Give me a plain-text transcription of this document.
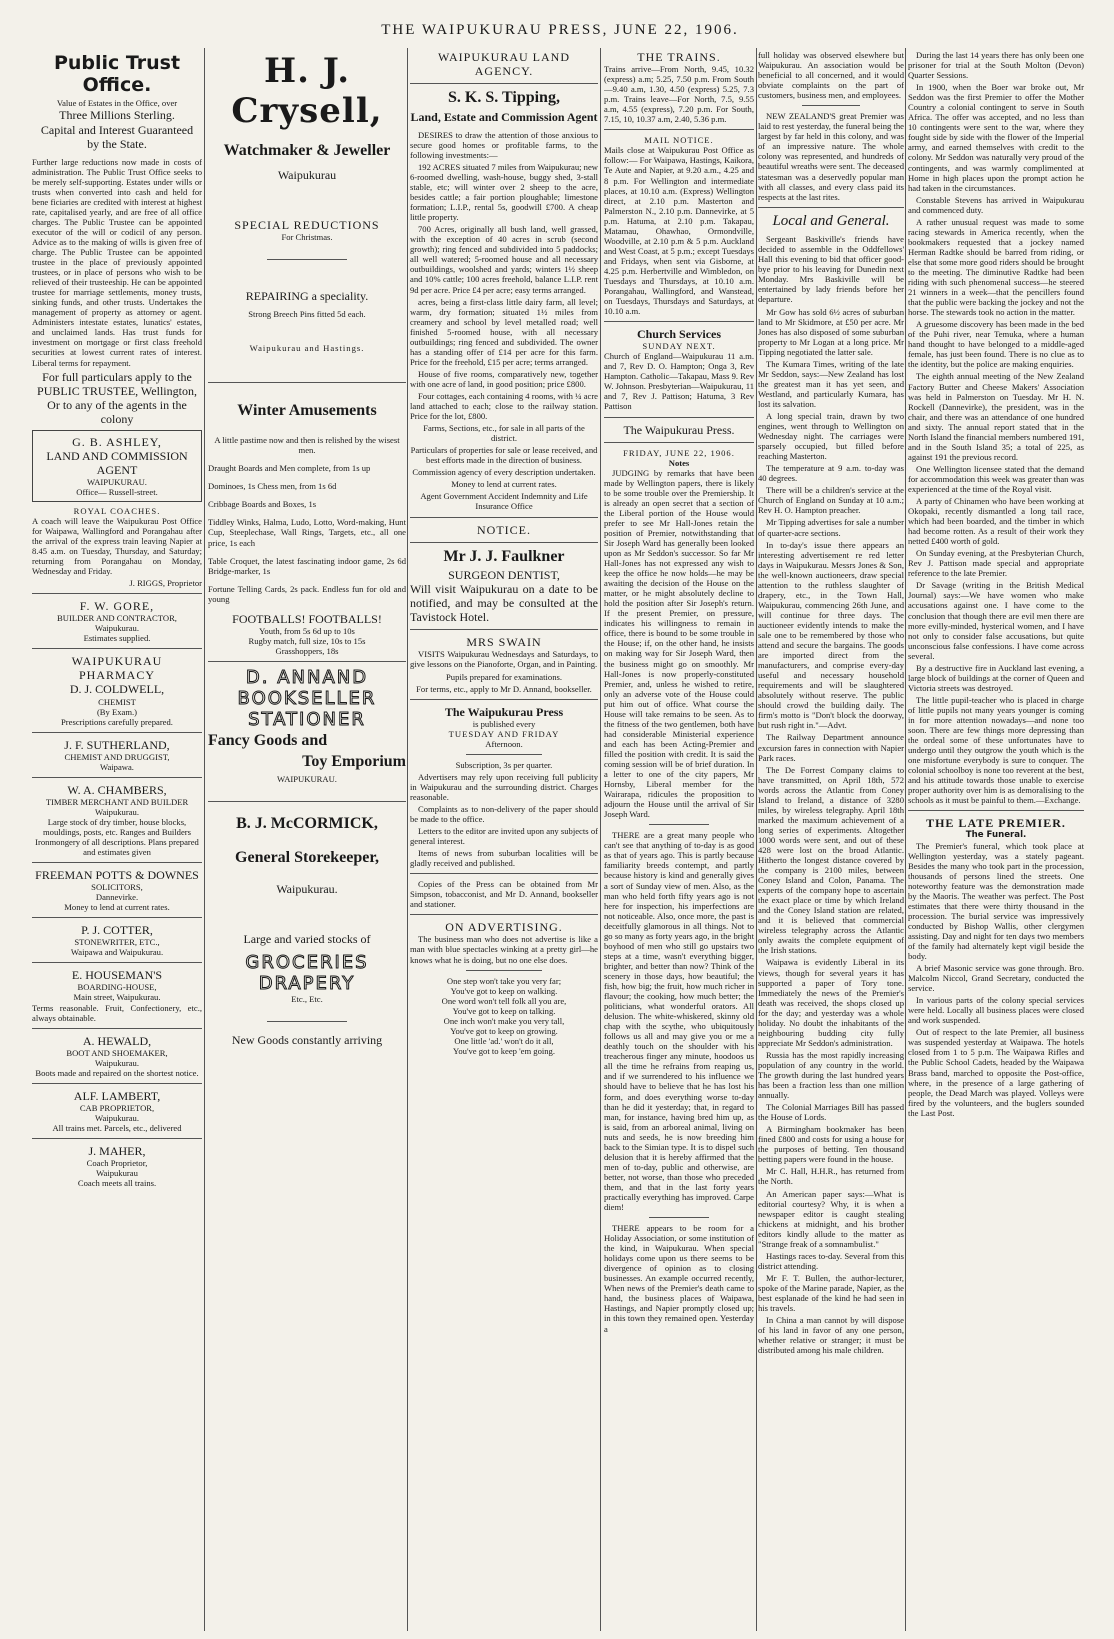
THE WAIPUKURAU PRESS, JUNE 22, 1906.
Public Trust Office.
Value of Estates in the Office, over
Three Millions Sterling.
Capital and Interest Guaranteed
by the State.

Further large reductions now made in costs of administration. The Public Trust Office seeks to be merely self-supporting. Estates under wills or trusts when converted into cash and held for bene ficiaries are credited with interest at highest rate, capitalised yearly, and are free of all office charges. The Public Trustee can be appointed executor of the will or codicil of any person. Advice as to the making of wills is given free of charge. The Public Trustee can be appointed trustee in the place of previously appointed trustees, or in place of persons who wish to be relieved of their trusteeship. He can be appointed trustee for marriage settlements, money trusts, sinking funds, and other trusts. Undertakes the management of property as attorney or agent. Administers intestate estates, lunatics' estates, and unclaimed lands. Has trust funds for investment on mortgage or first class freehold securities at lowest current rates of interest. Liberal terms for repayment.

For full particulars apply to the PUBLIC TRUSTEE, Wellington, Or to any of the agents in the colony

G. B. ASHLEY,
LAND AND COMMISSION AGENT
WAIPUKURAU.
Office— Russell-street.
ROYAL COACHES.

A coach will leave the Waipukurau Post Office for Waipawa, Wallingford and Porangahau after the arrival of the express train leaving Napier at 8.45 a.m. on Tuesday, Thursday, and Saturday; returning from Porangahau on Monday, Wednesday and Friday.

J. RIGGS, Proprietor
F. W. GORE,
BUILDER AND CONTRACTOR,
Waipukurau.
Estimates supplied.
WAIPUKURAU PHARMACY
D. J. COLDWELL,
CHEMIST
(By Exam.)
Prescriptions carefully prepared.
J. F. SUTHERLAND,
CHEMIST AND DRUGGIST,
Waipawa.
W. A. CHAMBERS,
TIMBER MERCHANT AND BUILDER
Waipukurau.

Large stock of dry timber, house blocks, mouldings, posts, etc. Ranges and Builders Ironmongery of all descriptions. Plans prepared and estimates given

FREEMAN POTTS & DOWNES
SOLICITORS,
Dannevirke.
Money to lend at current rates.
P. J. COTTER,
STONEWRITER, ETC.,
Waipawa and Waipukurau.
E. HOUSEMAN'S
BOARDING-HOUSE,
Main street, Waipukurau.

Terms reasonable. Fruit, Confectionery, etc., always obtainable.

A. HEWALD,
BOOT AND SHOEMAKER,
Waipukurau.

Boots made and repaired on the shortest notice.

ALF. LAMBERT,
CAB PROPRIETOR,
Waipukurau.
All trains met. Parcels, etc., delivered
J. MAHER,
Coach Proprietor,
Waipukurau
Coach meets all trains.
H. J. Crysell,
Watchmaker & Jeweller
Waipukurau
SPECIAL REDUCTIONS
For Christmas.
REPAIRING a speciality.
Strong Breech Pins fitted 5d each.
Waipukurau and Hastings.
Winter Amusements

A little pastime now and then is relished by the wisest men.

Draught Boards and Men complete, from 1s up

Dominoes, 1s Chess men, from 1s 6d

Cribbage Boards and Boxes, 1s

Tiddley Winks, Halma, Ludo, Lotto, Word-making, Hunt Cup, Steeplechase, Wall Rings, Targets, etc., all one price, 1s each

Table Croquet, the latest fascinating indoor game, 2s 6d Bridge-marker, 1s

Fortune Telling Cards, 2s pack. Endless fun for old and young

FOOTBALLS! FOOTBALLS!
Youth, from 5s 6d up to 10s
Rugby match, full size, 10s to 15s
Grasshoppers, 18s
D. ANNAND
BOOKSELLER
STATIONER
Fancy Goods and
Toy Emporium
WAIPUKURAU.
B. J. McCORMICK,
General Storekeeper,
Waipukurau.
Large and varied stocks of
GROCERIES
DRAPERY
Etc., Etc.
New Goods constantly arriving
WAIPUKURAU LAND AGENCY.
S. K. S. Tipping,
Land, Estate and Commission Agent

DESIRES to draw the attention of those anxious to secure good homes or profitable farms, to the following investments:—

192 ACRES situated 7 miles from Waipukurau; new 6-roomed dwelling, wash-house, buggy shed, 3-stall stable, etc; will winter over 2 sheep to the acre, besides cattle; a fair portion ploughable; limestone formation; L.I.P., rental 5s, goodwill £700. A cheap little property.

700 Acres, originally all bush land, well grassed, with the exception of 40 acres in scrub (second growth); ring fenced and subdivided into 5 paddocks; all well watered; 5-roomed house and all necessary outbuildings, woolshed and yards; winters 1½ sheep and 10% cattle; 100 acres freehold, balance L.I.P. rent 9d per acre. Price £4 per acre; easy terms arranged.

acres, being a first-class little dairy farm, all level; warm, dry formation; situated 1½ miles from creamery and school by level metalled road; well finished 5-roomed house, with all necessary outbuildings; ring fenced and subdivided. The owner has a standing offer of £14 per acre for this farm. Price for the freehold, £15 per acre; terms arranged.

House of five rooms, comparatively new, together with one acre of land, in good position; price £800.

Four cottages, each containing 4 rooms, with ¼ acre land attached to each; close to the railway station. Price for the lot, £800.

Farms, Sections, etc., for sale in all parts of the district.

Particulars of properties for sale or lease received, and best efforts made in the direction of business.

Commission agency of every description undertaken.

Money to lend at current rates.

Agent Government Accident Indemnity and Life Insurance Office

NOTICE.
Mr J. J. Faulkner
SURGEON DENTIST,

Will visit Waipukurau on a date to be notified, and may be consulted at the Tavistock Hotel.

MRS SWAIN

VISITS Waipukurau Wednesdays and Saturdays, to give lessons on the Pianoforte, Organ, and in Painting.

Pupils prepared for examinations.

For terms, etc., apply to Mr D. Annand, bookseller.

The Waipukurau Press
is published every
TUESDAY AND FRIDAY
Afternoon.

Subscription, 3s per quarter.

Advertisers may rely upon receiving full publicity in Waipukurau and the surrounding district. Charges reasonable.

Complaints as to non-delivery of the paper should be made to the office.

Letters to the editor are invited upon any subjects of general interest.

Items of news from suburban localities will be gladly received and published.

Copies of the Press can be obtained from Mr Simpson, tobacconist, and Mr D. Annand, bookseller and stationer.

ON ADVERTISING.

The business man who does not advertise is like a man with blue spectacles winking at a pretty girl—he knows what he is doing, but no one else does.

One step won't take you very far;
You've got to keep on walking.
One word won't tell folk all you are,
You've got to keep on talking.
One inch won't make you very tall,
You've got to keep on growing.
One little 'ad.' won't do it all,
You've got to keep 'em going.
THE TRAINS.

Trains arrive—From North, 9.45, 10.32 (express) a.m; 5.25, 7.50 p.m. From South—9.40 a.m, 1.30, 4.50 (express) 5.25, 7.3 p.m. Trains leave—For North, 7.5, 9.55 a.m, 4.55 (express), 7.20 p.m. For South, 7.15, 10, 10.37 a.m, 2.40, 5.36 p.m.

MAIL NOTICE.

Mails close at Waipukurau Post Office as follow:— For Waipawa, Hastings, Kaikora, Te Aute and Napier, at 9.20 a.m., 4.25 and 8 p.m. For Wellington and intermediate places, at 10.10 a.m. (Express) Wellington direct, at 2.10 p.m. Masterton and Palmerston N., 2.10 p.m. Dannevirke, at 5 p.m. Hatuma, at 2.10 p.m. Takapau, Matamau, Ohawhao, Ormondville, Woodville, at 2.10 p.m & 5 p.m. Auckland and West Coast, at 5 p.m.; except Tuesdays and Fridays, when sent via Gisborne, at 4.25 p.m. Herbertville and Wimbledon, on Tuesdays and Thursdays, at 10.10 a.m. Porangahau, Wallingford, and Wanstead, on Tuesdays, Thursdays and Saturdays, at 10.10 a.m.

Church Services
SUNDAY NEXT.

Church of England—Waipukurau 11 a.m. and 7, Rev D. O. Hampton; Onga 3, Rev Hampton. Catholic—Takapau, Mass 9. Rev W. Johnson. Presbyterian—Waipukurau, 11 and 7, Rev J. Pattison; Hatuma, 3 Rev Pattison

The Waipukurau Press.
FRIDAY, JUNE 22, 1906.
Notes

JUDGING by remarks that have been made by Wellington papers, there is likely to be some trouble over the Premiership. It is already an open secret that a section of the Liberal portion of the House would prefer to see Mr Hall-Jones retain the position of Premier, notwithstanding that Sir Joseph Ward has generally been looked upon as Mr Seddon's successor. So far Mr Hall-Jones has not expressed any wish to keep the office he now holds—he may be awaiting the decision of the House on the matter, or he might absolutely decline to hold the position after Sir Joseph's return. If the present Premier, on pressure, indicates his willingness to remain in office, there is bound to be some trouble in the House; if, on the other hand, he insists on making way for Sir Joseph Ward, then the business might go on smoothly. Mr Hall-Jones is now properly-constituted Premier, and, unless he wished to retire, only an adverse vote of the House could put him out of office. What course the House will take remains to be seen. As to the fitness of the two gentlemen, both have had considerable Ministerial experience and each has been Acting-Premier and filled the position with credit. It is said the coming session will be of brief duration. In a letter to one of the city papers, Mr Hornsby, Liberal member for the Wairarapa, ridicules the proposition to adjourn the House until the arrival of Sir Joseph Ward.

THERE are a great many people who can't see that anything of to-day is as good as that of years ago. This is partly because familiarity breeds contempt, and partly because history is kind and generally gives a sort of Sunday view of men. Also, as the man who held forth fifty years ago is not here for inspection, his imperfections are not noticeable. Also, once more, the past is deceitfully glamorous in all things. Not to go so many as forty years ago, in the bright boyhood of men who still go upstairs two steps at a time, wasn't everything bigger, brighter, and better than now? Think of the scenery in those days, how beautiful; the fish, how big; the fruit, how much richer in flavour; the cooking, how much better; the politicians, what wonderful orators. All delusion. The white-whiskered, skinny old chap with the scythe, who ubiquitously follows us all and may give you or me a deathly touch on the shoulder with his treacherous finger any minute, hoodoos us all the time he refrains from reaping us, and if we surrendered to his influence we should have to believe that he has lost his form, and does everything worse to-day than he did it yesterday; that, in regard to man, for instance, having bred him up, as is said, from an arboreal animal, living on nuts and seeds, he is now breeding him back to the Simian type. It is to dispel such delusion that it is hereby affirmed that the men of to-day, public and otherwise, are better, not worse, than those who preceded them, and that in the last forty years practically everything has improved. Carpe diem!

THERE appears to be room for a Holiday Association, or some institution of the kind, in Waipukurau. When special holidays come upon us there seems to be divergence of opinion as to closing businesses. An example occurred recently, When news of the Premier's death came to hand, the business places of Waipawa, Hastings, and Napier promptly closed up; in this town they remained open. Yesterday a

full holiday was observed elsewhere but Waipukurau. An association would be beneficial to all concerned, and it would obviate complaints on the part of customers, business men, and employees.

NEW ZEALAND'S great Premier was laid to rest yesterday, the funeral being the largest by far held in this colony, and was of an impressive nature. The whole colony was represented, and hundreds of beautiful wreaths were sent. The deceased statesman was a deservedly popular man with all classes, and every class paid its respects at the last rites.

Local and General.

Sergeant Baskiville's friends have decided to assemble in the Oddfellows' Hall this evening to bid that officer good-bye prior to his leaving for Dunedin next Monday. Mrs Baskiville will be entertained by lady friends before her departure.

Mr Gow has sold 6½ acres of suburban land to Mr Skidmore, at £50 per acre. Mr Jones has also disposed of some suburban property to Mr Logan at a long price. Mr Tipping negotiated the latter sale.

The Kumara Times, writing of the late Mr Seddon, says:—New Zealand has lost the greatest man it has yet seen, and Westland, and particularly Kumara, has lost its salvation.

A long special train, drawn by two engines, went through to Wellington on Wednesday night. The carriages were sparsely occupied, but filled before reaching Masterton.

The temperature at 9 a.m. to-day was 40 degrees.

There will be a children's service at the Church of England on Sunday at 10 a.m.; Rev H. O. Hampton preacher.

Mr Tipping advertises for sale a number of quarter-acre sections.

In to-day's issue there appears an interesting advertisement re red letter days in Waipukurau. Messrs Jones & Son, the well-known auctioneers, draw special attention to the ruthless slaughter of drapery, etc., in the Town Hall, Waipukurau, commencing 26th June, and will continue for three days. The auctioneer evidently intends to make the sale one to be remembered by those who attend and secure the bargains. The goods are imported direct from the manufacturers, and comprise every-day useful and necessary household requirements and will be slaughtered absolutely without reserve. The public should crowd the building daily. The firm's motto is "Don't block the doorway, but rush right in."—Advt.

The Railway Department announce excursion fares in connection with Napier Park races.

The De Forrest Company claims to have transmitted, on April 18th, 572 words across the Atlantic from Coney Island to Ireland, a distance of 3280 miles, by wireless telegraphy. April 18th marked the maximum achievement of a long series of experiments. Altogether 1000 words were sent, and out of these 428 were lost on the broad Atlantic. Hitherto the longest distance covered by the company is 2100 miles, between Coney Island and Colon, Panama. The experts of the company hope to ascertain the exact place or time by which Ireland and the Coney Island station are related, and it is believed that commercial wireless telegraphy across the Atlantic only awaits the complete equipment of the Irish stations.

Waipawa is evidently Liberal in its views, though for several years it has supported a paper of Tory tone. Immediately the news of the Premier's death was received, the shops closed up for the day; and yesterday was a whole holiday. No doubt the inhabitants of the neighbouring budding city fully appreciate Mr Seddon's administration.

Russia has the most rapidly increasing population of any country in the world. The growth during the last hundred years has been a fraction less than one million annually.

The Colonial Marriages Bill has passed the House of Lords.

A Birmingham bookmaker has been fined £800 and costs for using a house for the purposes of betting. Ten thousand betting papers were found in the house.

Mr C. Hall, H.H.R., has returned from the North.

An American paper says:—What is editorial courtesy? Why, it is when a newspaper editor is caught stealing chickens at midnight, and his brother editors kindly allude to the matter as "Strange freak of a somnambulist."

Hastings races to-day. Several from this district attending.

Mr F. T. Bullen, the author-lecturer, spoke of the Marine parade, Napier, as the best esplanade of the kind he had seen in his travels.

In China a man cannot by will dispose of his land in favor of any one person, whether relative or stranger; it must be distributed among his male children.

During the last 14 years there has only been one prisoner for trial at the South Molton (Devon) Quarter Sessions.

In 1900, when the Boer war broke out, Mr Seddon was the first Premier to offer the Mother Country a colonial contingent to serve in South Africa. The offer was accepted, and no less than 10 contingents were sent to the war, where they fought side by side with the flower of the Imperial army, and earned themselves with credit to the colony. Mr Seddon was naturally very proud of the contingents, and was warmly complimented at Home in high places upon the prompt action he had taken in the circumstances.

Constable Stevens has arrived in Waipukurau and commenced duty.

A rather unusual request was made to some racing stewards in America recently, when the bookmakers requested that a jockey named Herman Radtke should be barred from riding, or else that some more good riders should be brought to the meeting. The diminutive Radtke had been riding with such phenomenal success—he steered 21 winners in a week—that the pencillers found that the public were backing the jockey and not the horse. The stewards took no action in the matter.

A gruesome discovery has been made in the bed of the Puhi river, near Temuka, where a human hand thought to have belonged to a middle-aged female, has just been found. There is no clue as to the identity, but the police are making enquiries.

The eighth annual meeting of the New Zealand Factory Butter and Cheese Makers' Association was held in Palmerston on Tuesday. Mr H. N. Rockell (Dannevirke), the president, was in the chair, and there was an attendance of one hundred and sixty. The annual report stated that in the North Island the financial members numbered 191, and in the South Island 35; a total of 225, as against 191 the previous record.

One Wellington licensee stated that the demand for accommodation this week was greater than was experienced at the time of the Royal visit.

A party of Chinamen who have been working at Okopaki, recently dismantled a long tail race, which had been boarded, and the timber in which had become rotten. As a result of their work they netted £400 worth of gold.

On Sunday evening, at the Presbyterian Church, Rev J. Pattison made special and appropriate reference to the late Premier.

Dr Savage (writing in the British Medical Journal) says:—We have women who make accusations against one. I have come to the conclusion that though there are evil men there are more evilly-minded, hysterical women, and I have not only to consider false accusations, but quite unconscious false confessions. I have come across several.

By a destructive fire in Auckland last evening, a large block of buildings at the corner of Queen and Victoria streets was destroyed.

The little pupil-teacher who is placed in charge of little pupils not many years younger is coming in for more attention nowadays—and none too soon. There are few things more depressing than the ordeal some of these unfortunates have to undergo until they outgrow the youth which is the one misfortune everybody is sure to conquer. The colonial schoolboy is none too reverent at the best, and his attitude towards those unable to exercise proper authority over him is as demoralising to the schools as it must be painful to them.—Exchange.

THE LATE PREMIER.
The Funeral.

The Premier's funeral, which took place at Wellington yesterday, was a stately pageant. Besides the many who took part in the procession, thousands of persons lined the streets. One noteworthy feature was the demonstration made by the Maoris. The weather was perfect. The Post estimates that there were thirty thousand in the procession. The burial service was impressively conducted by Bishop Wallis, other clergymen assisting. Day and night for ten days two members of the family had alternately kept vigil beside the body.

A brief Masonic service was gone through. Bro. Malcolm Niccol, Grand Secretary, conducted the service.

In various parts of the colony special services were held. Locally all business places were closed and work suspended.

Out of respect to the late Premier, all business was suspended yesterday at Waipawa. The hotels closed from 1 to 5 p.m. The Waipawa Rifles and the Public School Cadets, headed by the Waipawa Brass band, marched to opposite the Post-office, where, in the presence of a large gathering of people, the Dead March was played. Volleys were fired by the volunteers, and the buglers sounded the Last Post.
